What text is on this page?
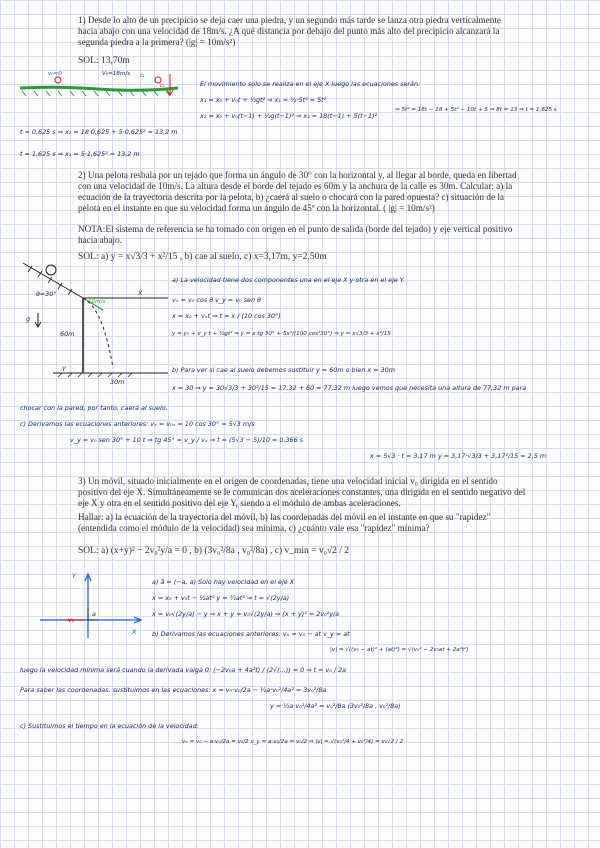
1) Desde lo alto de un precipicio se deja caer una piedra, y un segundo más tarde se lanza otra piedra verticalmente hacia abajo con una velocidad de 18m/s. ¿A qué distancia por debajo del punto más alto del precipicio alcanzará la segunda piedra a la primera? (|g| = 10m/s²)

SOL: 13,70m
v₀=0	V₀=18m/s t₁
t₂	El movimiento solo se realiza en el eje X luego las ecuaciones serán:
x₁ = x₀ + v₀t + ½gt² ⇒ x₁ = ½·5t² = 5t²
x₂ = x₀ + v₀(t−1) + ½g(t−1)² ⇒ x₂ = 18(t−1) + 5(t−1)²
⇒ 5t² = 18t − 18 + 5t² − 10t + 5 ⇒ 8t = 13 ⇒ t = 1,625 s
t = 0,625 s ⇒ x₂ = 18·0,625 + 5·0,625² = 13,2 m
t = 1,625 s ⇒ x₁ = 5·1,625² = 13,2 m

2) Una pelota resbala por un tejado que forma un ángulo de 30° con la horizontal y, al llegar al borde, queda en libertad con una velocidad de 10m/s. La altura desde el borde del tejado es 60m y la anchura de la calle es 30m. Calcular: a) la ecuación de la trayectoria descrita por la pelota, b) ¿caerá al suelo o chocará con la pared opuesta? c) situación de la pelota en el instante en que su velocidad forma un ángulo de 45º con la horizontal. ( |g| = 10m/s²)

NOTA:El sistema de referencia se ha tomado con origen en el punto de salida (borde del tejado) y eje vertical positivo hacia abajo.

SOL: a) y = x√3/3 + x²/15 , b) cae al suelo, c) x=3,17m, y=2,50m
θ=30°
10m/s
X
g
60m
Y
30m
a) La velocidad tiene dos componentes una en el eje X y otra en el eje Y.
vₓ = v₀ cos θ v_y = v₀ sen θ
x = x₀ + vₓt ⇒ t = x / (10 cos 30°)
y = y₀ + v_y t + ½gt² ⇒ y = x tg 30° + 5x²/(100 cos²30°) ⇒ y = x√3/3 + x²/15
b) Para ver si cae al suelo debemos sustituir y = 60m o bien x = 30m
x = 30 ⇒ y = 30√3/3 + 30²/15 = 17,32 + 60 = 77,32 m luego vemos que necesita una altura de 77,32 m para
chocar con la pared, por tanto, caerá al suelo.
c) Derivamos las ecuaciones anteriores: vₓ = v₀ₓ = 10 cos 30° = 5√3 m/s
v_y = v₀ sen 30° + 10 t ⇒ tg 45° = v_y / vₓ ⇒ t = (5√3 − 5)/10 = 0,366 s
x = 5√3 · t = 3,17 m y = 3,17·√3/3 + 3,17²/15 = 2,5 m

3) Un móvil, situado inicialmente en el origen de coordenadas, tiene una velocidad inicial v₀ dirigida en el sentido positivo del eje X. Simultáneamente se le comunican dos aceleraciones constantes, una dirigida en el sentido negativo del eje X y otra en el sentido positivo del eje Y, siendo a el módulo de ambas aceleraciones.

Hallar: a) la ecuación de la trayectoria del móvil, b) las coordenadas del móvil en el instante en que su "rapidez" (entendida como el módulo de la velocidad) sea mínima, c) ¿cuánto vale esa "rapidez" mínima?

SOL: a) (x+y)² − 2v₀²y/a = 0 , b) (3v₀²/8a , v₀²/8a) , c) v_min = v₀√2 / 2
Y
X
v₀
a
a) a⃗ = (−a, a) Solo hay velocidad en el eje X
x = x₀ + v₀t − ½at² y = ½at² ⇒ t = √(2y/a)
x = v₀√(2y/a) − y ⇒ x + y = v₀√(2y/a) ⇒ (x + y)² = 2v₀²y/a
b) Derivamos las ecuaciones anteriores: vₓ = v₀ − at v_y = at
|v| = √((v₀ − at)² + (at)²) = √(v₀² − 2v₀at + 2a²t²)
luego la velocidad mínima será cuando la derivada valga 0: (−2v₀a + 4a²t) / (2√(...)) = 0 ⇒ t = v₀ / 2a
Para saber las coordenadas, sustituimos en las ecuaciones: x = v₀·v₀/2a − ½a·v₀²/4a² = 3v₀²/8a
y = ½a·v₀²/4a² = v₀²/8a (3v₀²/8a , v₀²/8a)
c) Sustituimos el tiempo en la ecuación de la velocidad:
vₓ = v₀ − a·v₀/2a = v₀/2 v_y = a·v₀/2a = v₀/2 ⇒ |v| = √(v₀²/4 + v₀²/4) = v₀√2 / 2
